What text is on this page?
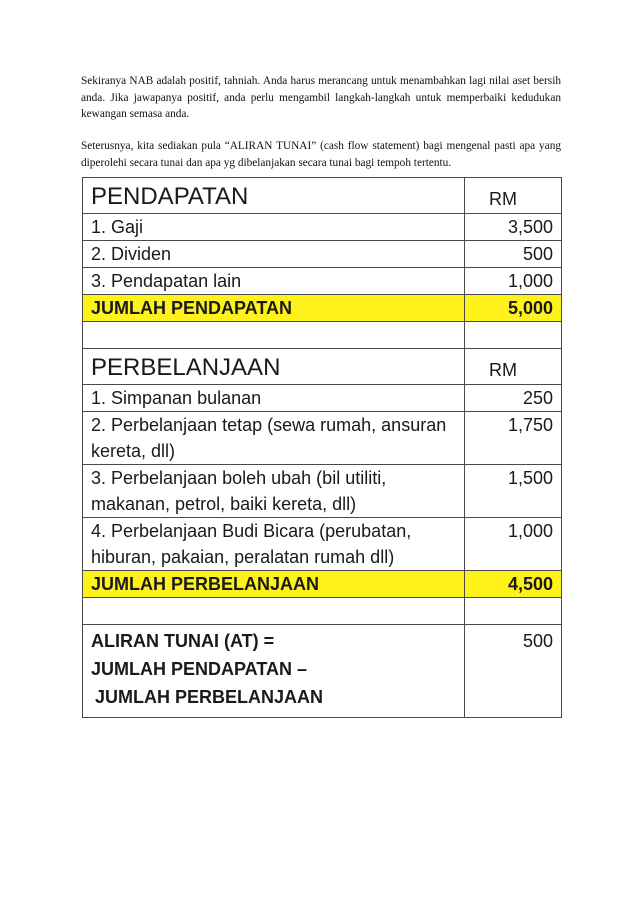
Sekiranya NAB adalah positif, tahniah. Anda harus merancang untuk menambahkan lagi nilai aset bersih anda. Jika jawapanya positif, anda perlu mengambil langkah-langkah untuk memperbaiki kedudukan kewangan semasa anda.

Seterusnya, kita sediakan pula “ALIRAN TUNAI” (cash flow statement) bagi mengenal pasti apa yang diperolehi secara tunai dan apa yg dibelanjakan secara tunai bagi tempoh tertentu.

PENDAPATAN	RM
1. Gaji	3,500
2. Dividen	500
3. Pendapatan lain	1,000
JUMLAH PENDAPATAN	5,000

PERBELANJAAN	RM
1. Simpanan bulanan	250
2. Perbelanjaan tetap (sewa rumah, ansuran kereta, dll)	1,750
3. Perbelanjaan boleh ubah (bil utiliti, makanan, petrol, baiki kereta, dll)	1,500
4. Perbelanjaan Budi Bicara (perubatan, hiburan, pakaian, peralatan rumah dll)	1,000
JUMLAH PERBELANJAAN	4,500

ALIRAN TUNAI (AT) =
JUMLAH PENDAPATAN –
JUMLAH PERBELANJAAN	500
